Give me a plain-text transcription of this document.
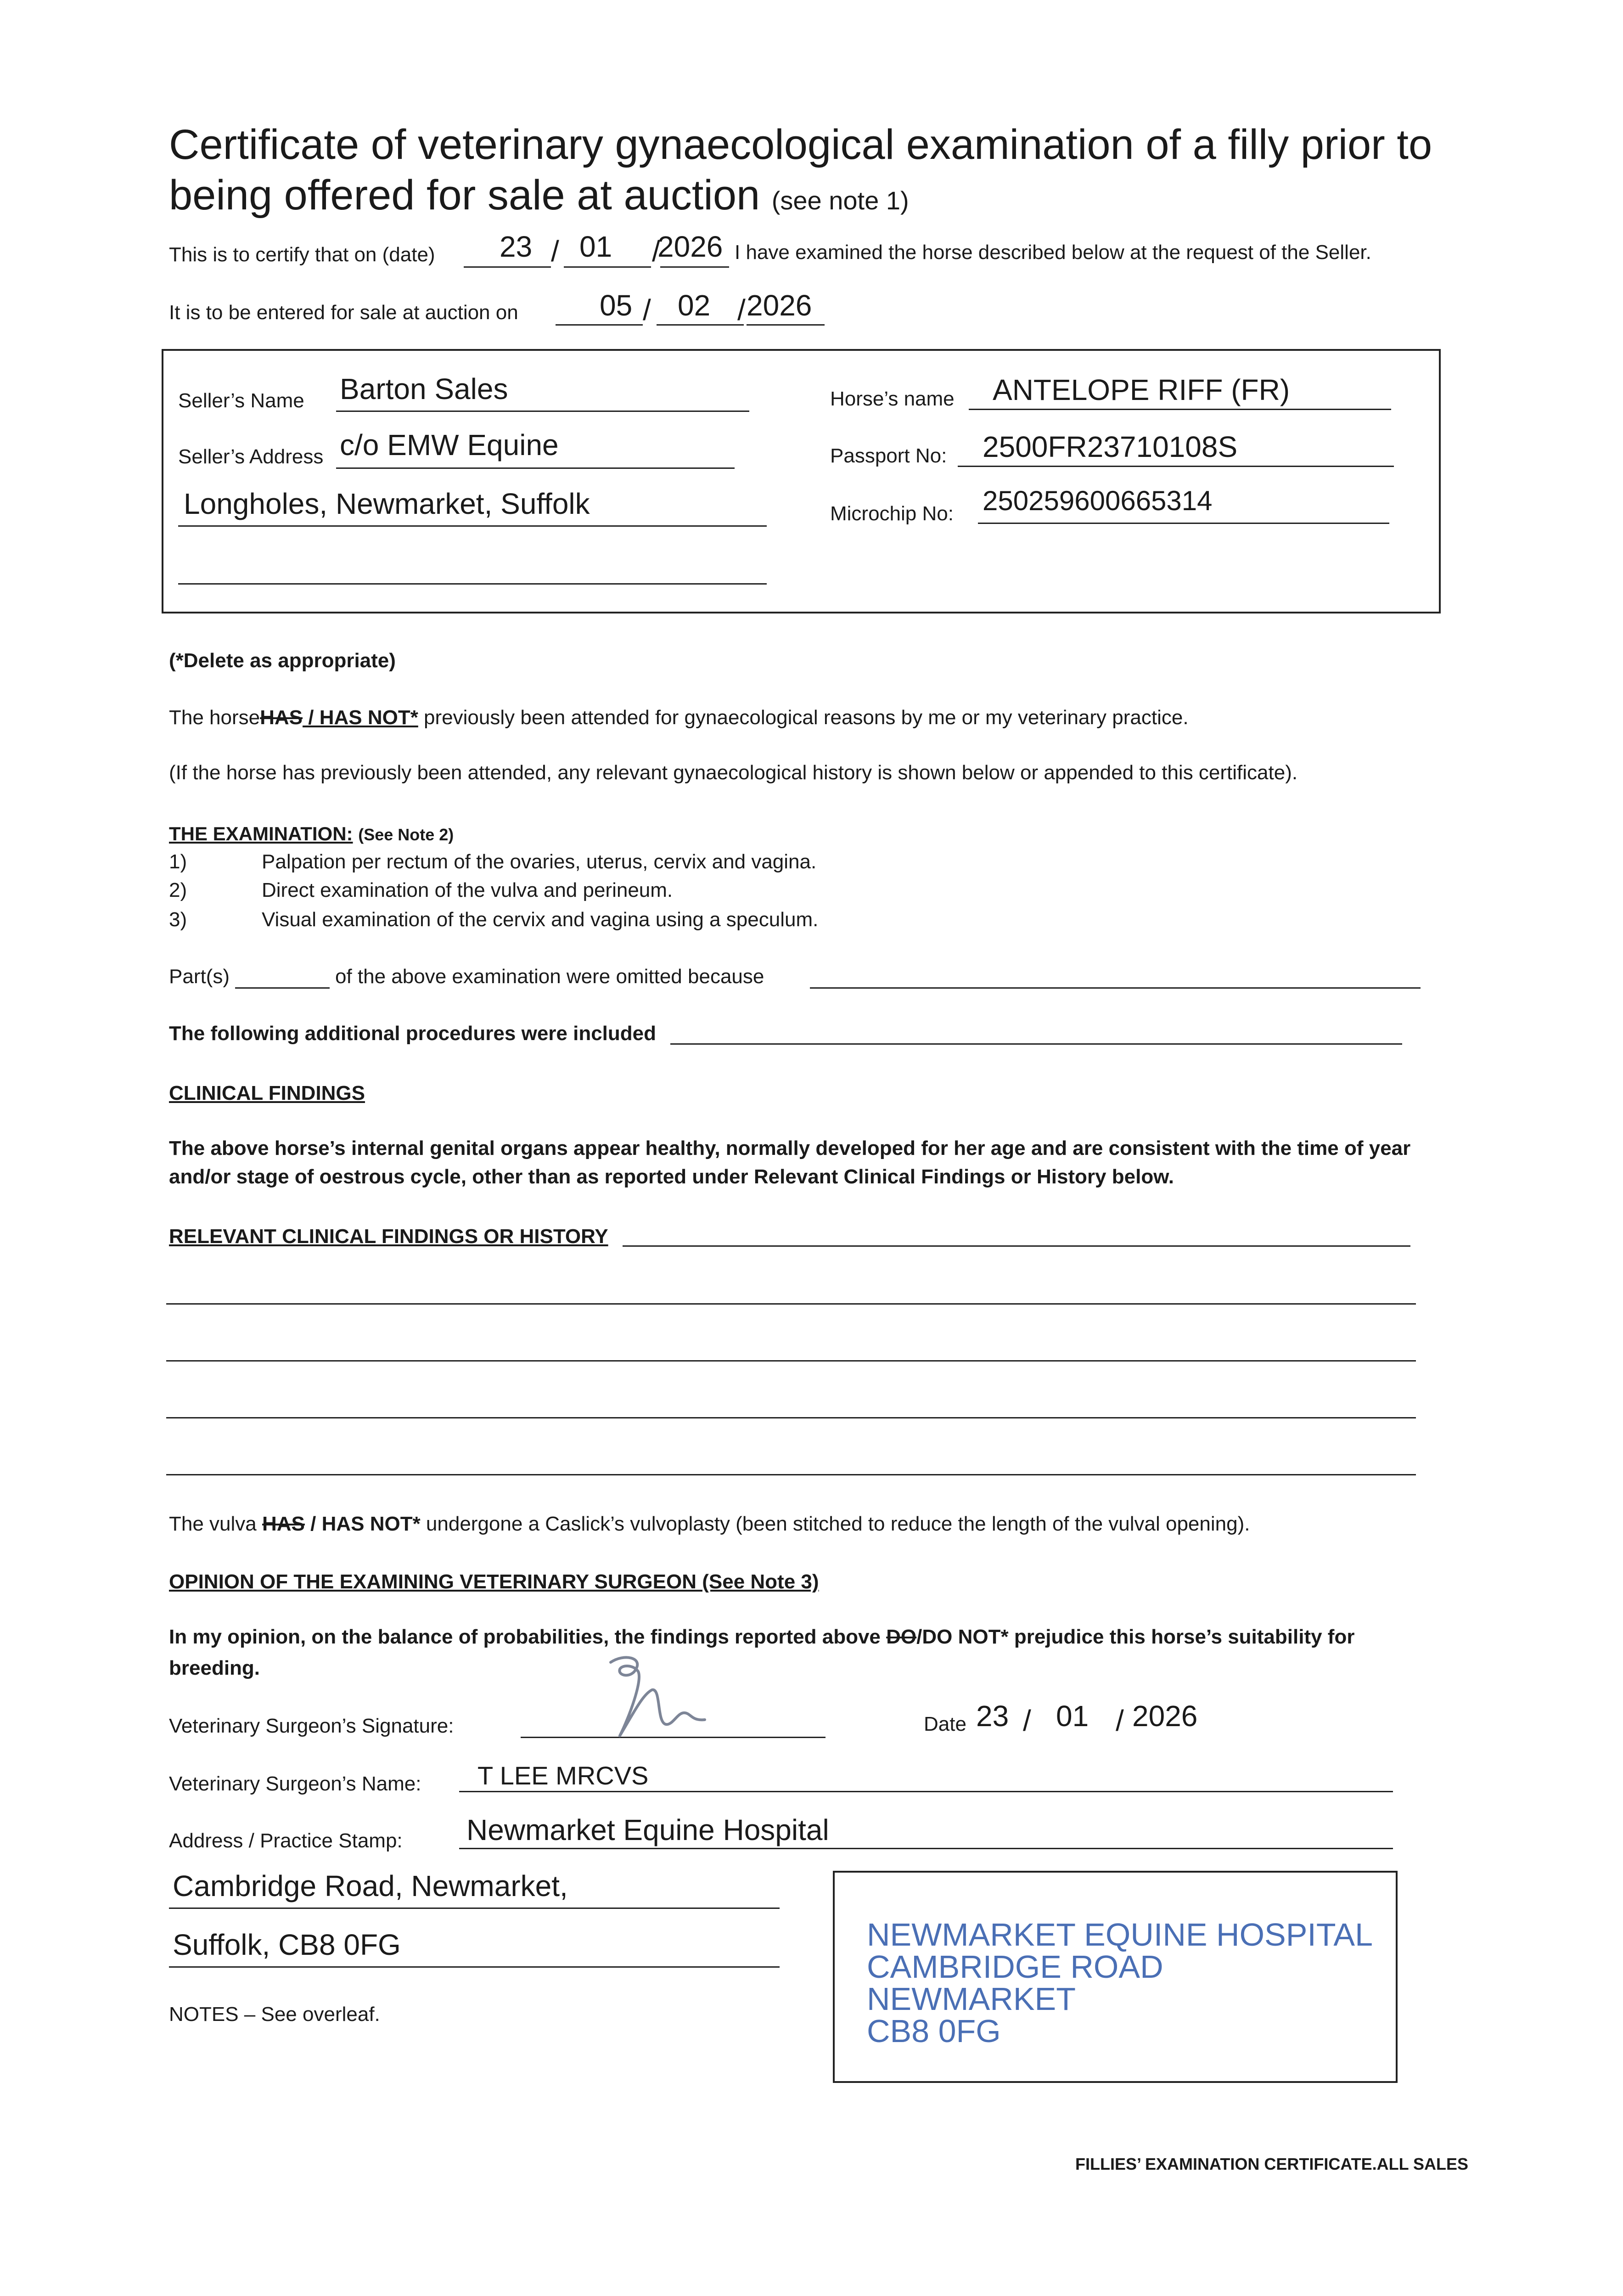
Certificate of veterinary gynaecological examination of a filly prior to
being offered for sale at auction (see note 1)
This is to certify that on (date) 23 / 01 /
2026 I have examined the horse described below at the request of the Seller.
It is to be entered for sale at auction on	05 / 02 / 2026
Seller’s Name Barton Sales
Seller’s Address c/o EMW Equine
Longholes, Newmarket, Suffolk
Horse’s name ANTELOPE RIFF (FR)
Passport No: 2500FR23710108S
Microchip No: 250259600665314
(*Delete as appropriate)
The horseHAS / HAS NOT* previously been attended for gynaecological reasons by me or my veterinary practice.
(If the horse has previously been attended, any relevant gynaecological history is shown below or appended to this certificate).
THE EXAMINATION: (See Note 2)
1)	Palpation per rectum of the ovaries, uterus, cervix and vagina.
2)	Direct examination of the vulva and perineum.
3)	Visual examination of the cervix and vagina using a speculum.
Part(s)	of the above examination were omitted because
The following additional procedures were included
CLINICAL FINDINGS
The above horse’s internal genital organs appear healthy, normally developed for her age and are consistent with the time of year
and/or stage of oestrous cycle, other than as reported under Relevant Clinical Findings or History below.
RELEVANT CLINICAL FINDINGS OR HISTORY
The vulva HAS / HAS NOT* undergone a Caslick’s vulvoplasty (been stitched to reduce the length of the vulval opening).
OPINION OF THE EXAMINING VETERINARY SURGEON (See Note 3)
In my opinion, on the balance of probabilities, the findings reported above DO/DO NOT* prejudice this horse’s suitability for
breeding.
Veterinary Surgeon’s Signature:	Date 23 / 01 / 2026
Veterinary Surgeon’s Name: T LEE MRCVS
Address / Practice Stamp: Newmarket Equine Hospital
Cambridge Road, Newmarket,
Suffolk, CB8 0FG	NEWMARKET EQUINE HOSPITAL
CAMBRIDGE ROAD
NEWMARKET
CB8 0FG
NOTES – See overleaf.
FILLIES’ EXAMINATION CERTIFICATE.ALL SALES
